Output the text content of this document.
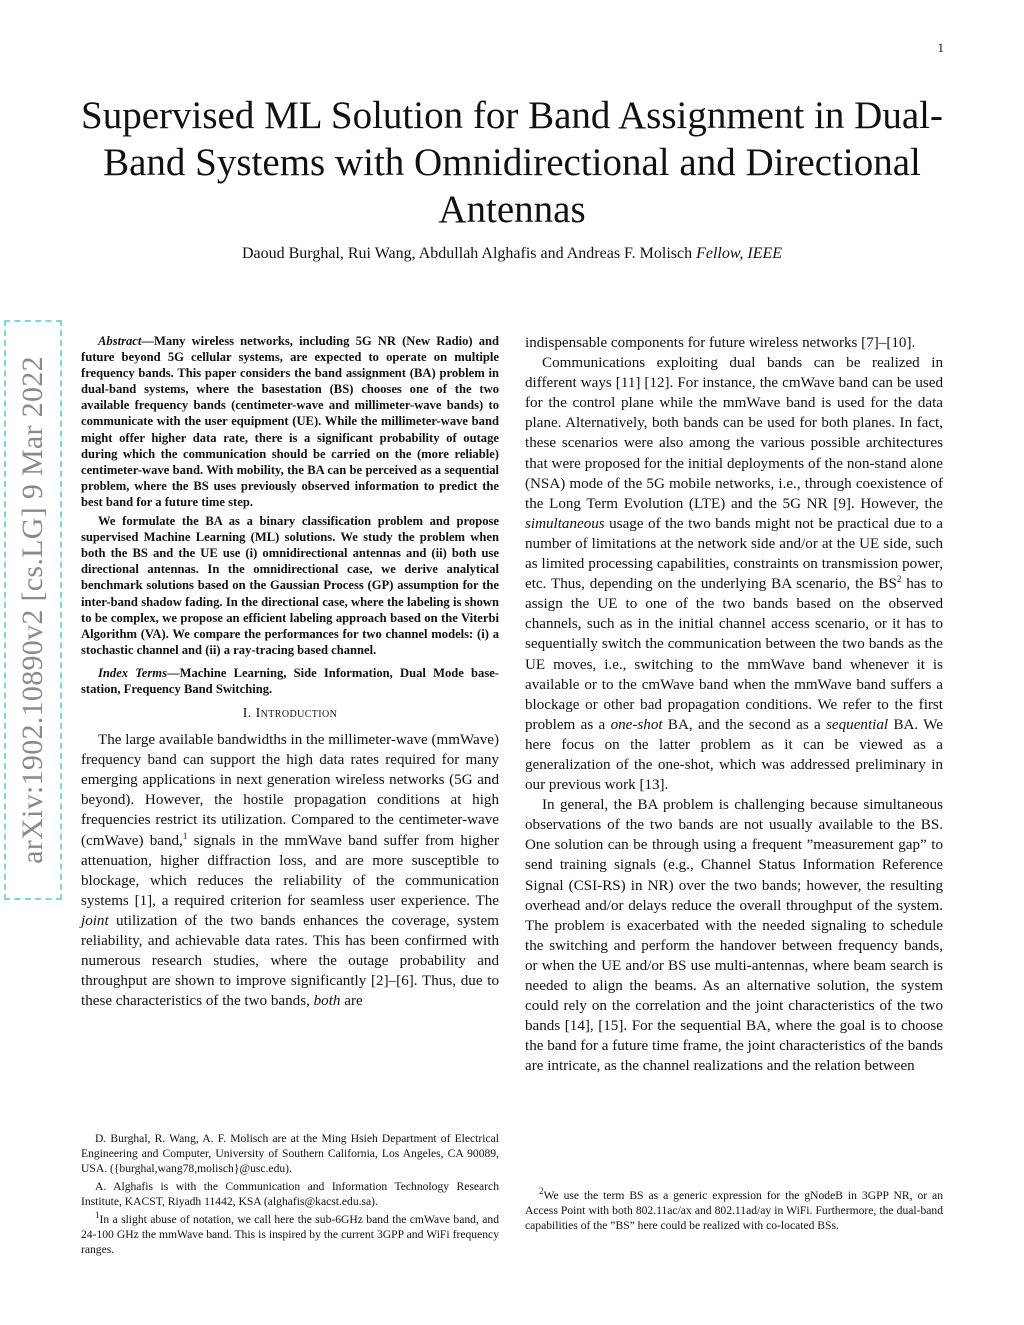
1
Supervised ML Solution for Band Assignment in Dual-Band Systems with Omnidirectional and Directional Antennas
Daoud Burghal, Rui Wang, Abdullah Alghafis and Andreas F. Molisch Fellow, IEEE
arXiv:1902.10890v2 [cs.LG] 9 Mar 2022

Abstract—Many wireless networks, including 5G NR (New Radio) and future beyond 5G cellular systems, are expected to operate on multiple frequency bands. This paper considers the band assignment (BA) problem in dual-band systems, where the basestation (BS) chooses one of the two available frequency bands (centimeter-wave and millimeter-wave bands) to communicate with the user equipment (UE). While the millimeter-wave band might offer higher data rate, there is a significant probability of outage during which the communication should be carried on the (more reliable) centimeter-wave band. With mobility, the BA can be perceived as a sequential problem, where the BS uses previously observed information to predict the best band for a future time step.

We formulate the BA as a binary classification problem and propose supervised Machine Learning (ML) solutions. We study the problem when both the BS and the UE use (i) omnidirectional antennas and (ii) both use directional antennas. In the omnidirectional case, we derive analytical benchmark solutions based on the Gaussian Process (GP) assumption for the inter-band shadow fading. In the directional case, where the labeling is shown to be complex, we propose an efficient labeling approach based on the Viterbi Algorithm (VA). We compare the performances for two channel models: (i) a stochastic channel and (ii) a ray-tracing based channel.

Index Terms—Machine Learning, Side Information, Dual Mode base-station, Frequency Band Switching.

I. Introduction

The large available bandwidths in the millimeter-wave (mmWave) frequency band can support the high data rates required for many emerging applications in next generation wireless networks (5G and beyond). However, the hostile propagation conditions at high frequencies restrict its utilization. Compared to the centimeter-wave (cmWave) band,$^1$ signals in the mmWave band suffer from higher attenuation, higher diffraction loss, and are more susceptible to blockage, which reduces the reliability of the communication systems [1], a required criterion for seamless user experience. The joint utilization of the two bands enhances the coverage, system reliability, and achievable data rates. This has been confirmed with numerous research studies, where the outage probability and throughput are shown to improve significantly [2]–[6]. Thus, due to these characteristics of the two bands, both are

D. Burghal, R. Wang, A. F. Molisch are at the Ming Hsieh Department of Electrical Engineering and Computer, University of Southern California, Los Angeles, CA 90089, USA. ({burghal,wang78,molisch}@usc.edu).

A. Alghafis is with the Communication and Information Technology Research Institute, KACST, Riyadh 11442, KSA (alghafis@kacst.edu.sa).

$^1$In a slight abuse of notation, we call here the sub-6GHz band the cmWave band, and 24-100 GHz the mmWave band. This is inspired by the current 3GPP and WiFi frequency ranges.

indispensable components for future wireless networks [7]–[10].

Communications exploiting dual bands can be realized in different ways [11] [12]. For instance, the cmWave band can be used for the control plane while the mmWave band is used for the data plane. Alternatively, both bands can be used for both planes. In fact, these scenarios were also among the various possible architectures that were proposed for the initial deployments of the non-stand alone (NSA) mode of the 5G mobile networks, i.e., through coexistence of the Long Term Evolution (LTE) and the 5G NR [9]. However, the simultaneous usage of the two bands might not be practical due to a number of limitations at the network side and/or at the UE side, such as limited processing capabilities, constraints on transmission power, etc. Thus, depending on the underlying BA scenario, the $BS^2$ has to assign the UE to one of the two bands based on the observed channels, such as in the initial channel access scenario, or it has to sequentially switch the communication between the two bands as the UE moves, i.e., switching to the mmWave band whenever it is available or to the cmWave band when the mmWave band suffers a blockage or other bad propagation conditions. We refer to the first problem as a one-shot BA, and the second as a sequential BA. We here focus on the latter problem as it can be viewed as a generalization of the one-shot, which was addressed preliminary in our previous work [13].

In general, the BA problem is challenging because simultaneous observations of the two bands are not usually available to the BS. One solution can be through using a frequent ”measurement gap” to send training signals (e.g., Channel Status Information Reference Signal (CSI-RS) in NR) over the two bands; however, the resulting overhead and/or delays reduce the overall throughput of the system. The problem is exacerbated with the needed signaling to schedule the switching and perform the handover between frequency bands, or when the UE and/or BS use multi-antennas, where beam search is needed to align the beams. As an alternative solution, the system could rely on the correlation and the joint characteristics of the two bands [14], [15]. For the sequential BA, where the goal is to choose the band for a future time frame, the joint characteristics of the bands are intricate, as the channel realizations and the relation between

$^2$We use the term BS as a generic expression for the gNodeB in 3GPP NR, or an Access Point with both 802.11ac/ax and 802.11ad/ay in WiFi. Furthermore, the dual-band capabilities of the ”BS” here could be realized with co-located BSs.
